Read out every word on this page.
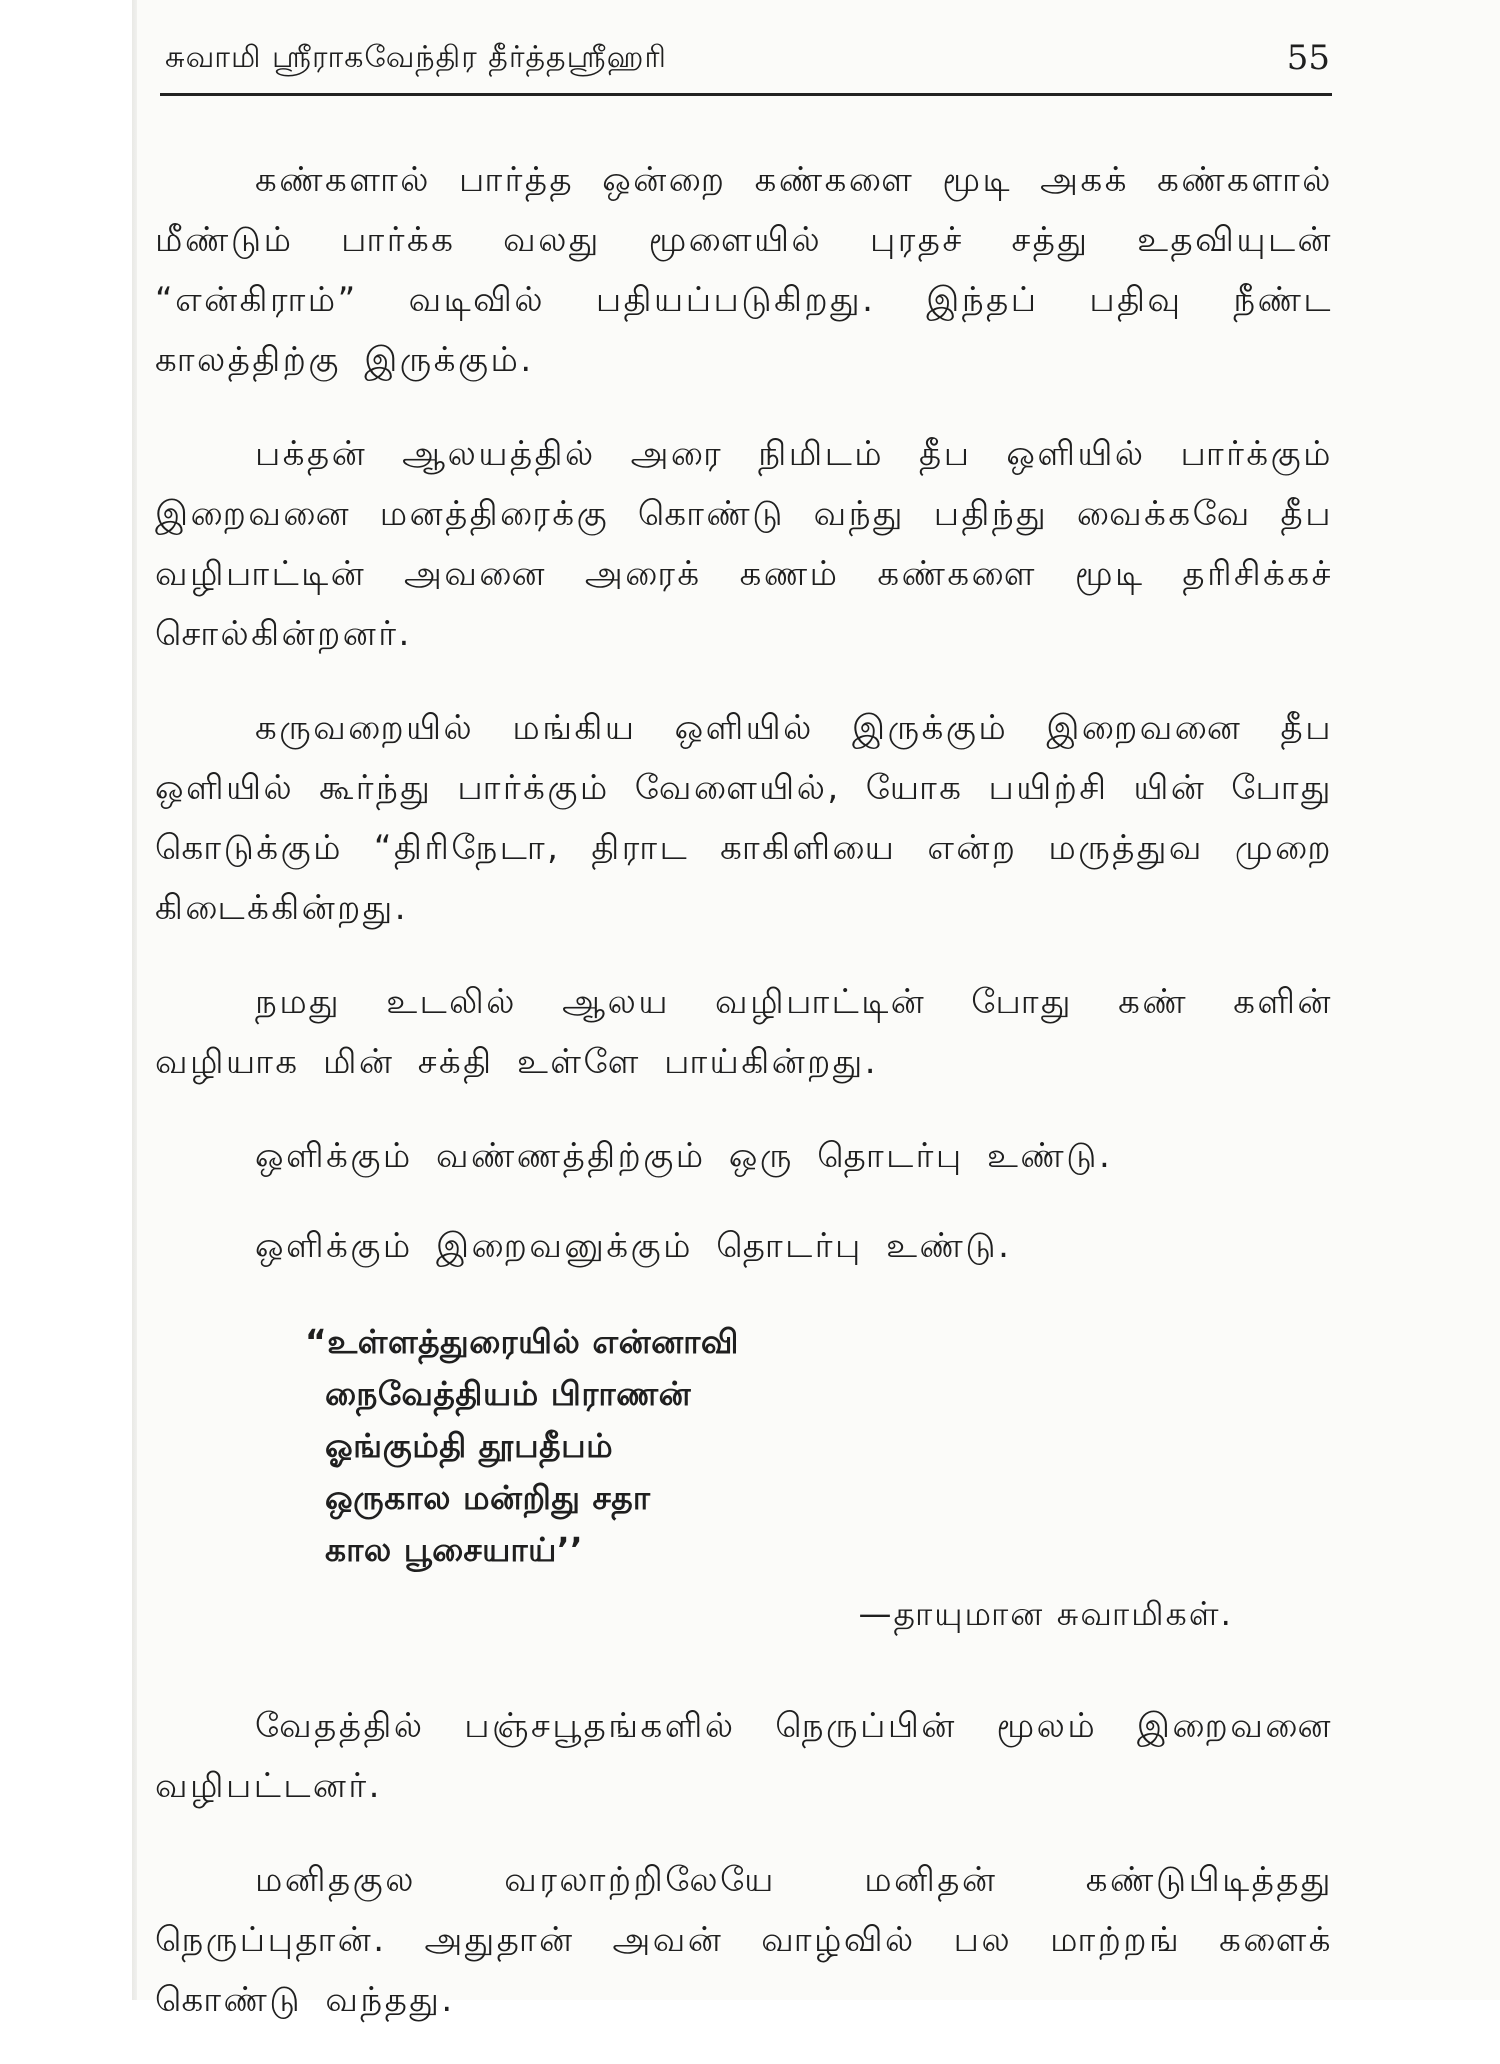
சுவாமி ஸ்ரீராகவேந்திர தீர்த்தஸ்ரீஹரி	55

கண்களால் பார்த்த ஒன்றை கண்களை மூடி அகக் கண்களால் மீண்டும் பார்க்க வலது மூளையில் புரதச் சத்து உதவியுடன் “என்கிராம்” வடிவில் பதியப்படுகிறது. இந்தப் பதிவு நீண்ட காலத்திற்கு இருக்கும்.

பக்தன் ஆலயத்தில் அரை நிமிடம் தீப ஒளியில் பார்க்கும் இறைவனை மனத்திரைக்கு கொண்டு வந்து பதிந்து வைக்கவே தீப வழிபாட்டின் அவனை அரைக் கணம் கண்களை மூடி தரிசிக்கச் சொல்கின்றனர்.

கருவறையில் மங்கிய ஒளியில் இருக்கும் இறைவனை தீப ஒளியில் கூர்ந்து பார்க்கும் வேளையில், யோக பயிற்சி யின் போது கொடுக்கும் “திரிநேடா, திராட காகிளியை என்ற மருத்துவ முறை கிடைக்கின்றது.

நமது உடலில் ஆலய வழிபாட்டின் போது கண் களின் வழியாக மின் சக்தி உள்ளே பாய்கின்றது.

ஒளிக்கும் வண்ணத்திற்கும் ஒரு தொடர்பு உண்டு.

ஒளிக்கும் இறைவனுக்கும் தொடர்பு உண்டு.

“உள்ளத்துரையில் என்னாவி
நைவேத்தியம் பிராணன்
ஓங்கும்தி தூபதீபம்
ஒருகால மன்றிது சதா
கால பூசையாய்’’
—தாயுமான சுவாமிகள்.

வேதத்தில் பஞ்சபூதங்களில் நெருப்பின் மூலம் இறைவனை வழிபட்டனர்.

மனிதகுல வரலாற்றிலேயே மனிதன் கண்டுபிடித்தது நெருப்புதான். அதுதான் அவன் வாழ்வில் பல மாற்றங் களைக் கொண்டு வந்தது.
